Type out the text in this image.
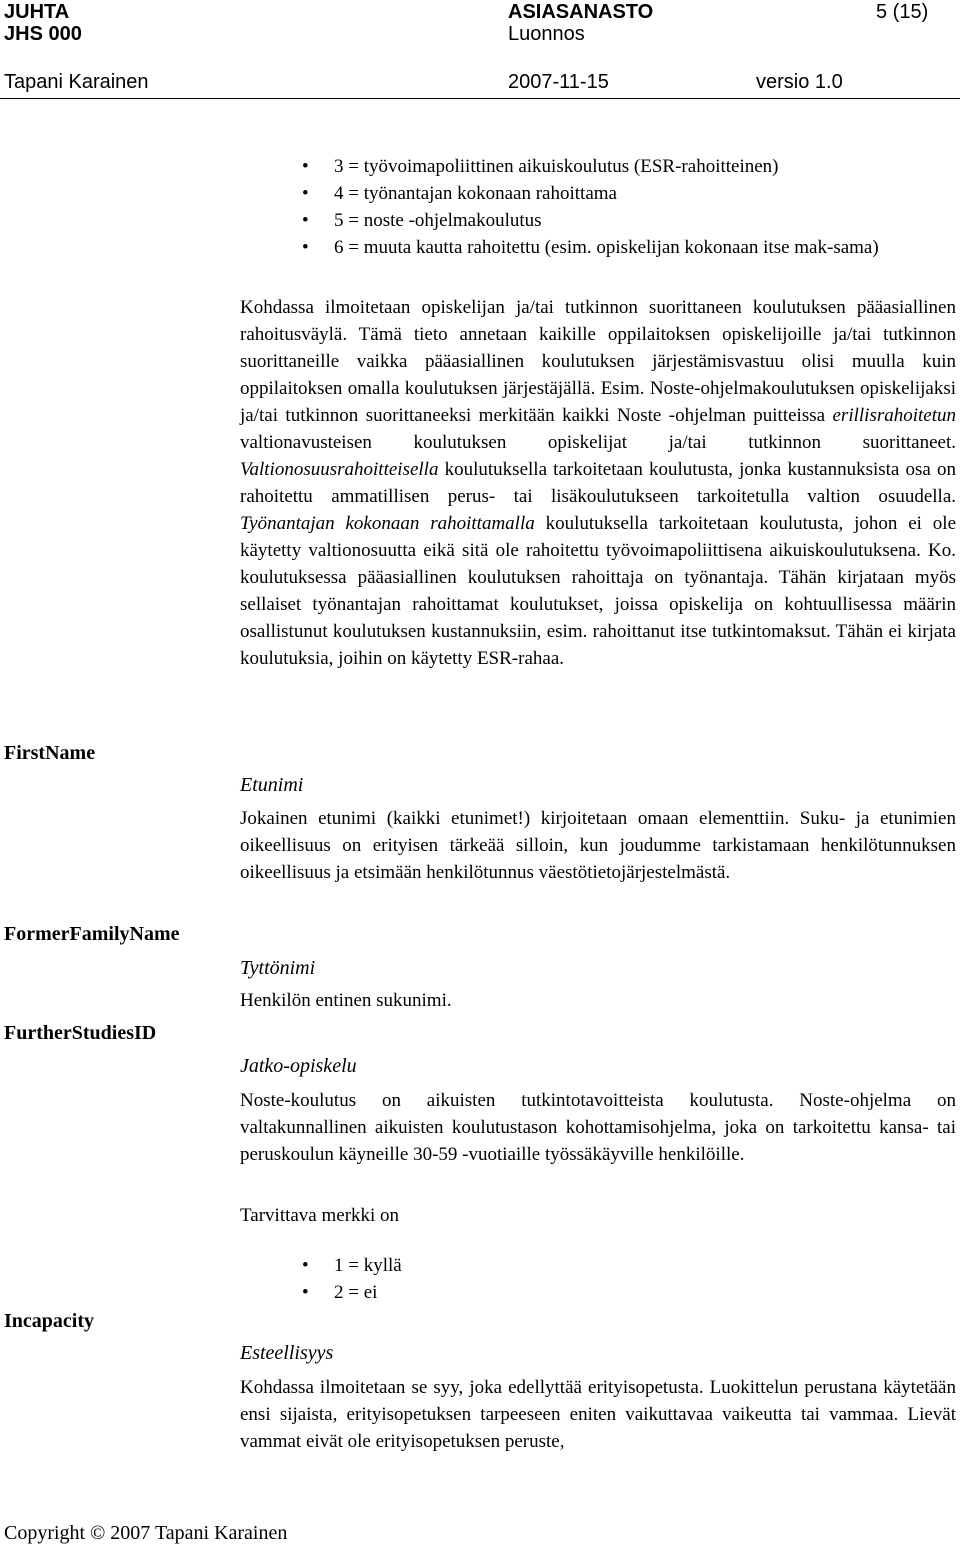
JUHTA
JHS 000
ASIASANASTO
Luonnos
5 (15)
Tapani Karainen	2007-11-15	versio 1.0
• 3 = työvoimapoliittinen aikuiskoulutus (ESR-rahoitteinen)
• 4 = työnantajan kokonaan rahoittama
• 5 = noste -ohjelmakoulutus
• 6 = muuta kautta rahoitettu (esim. opiskelijan kokonaan itse mak-sama)

Kohdassa ilmoitetaan opiskelijan ja/tai tutkinnon suorittaneen koulutuksen pääasiallinen rahoitusväylä. Tämä tieto annetaan kaikille oppilaitoksen opiskelijoille ja/tai tutkinnon suorittaneille vaikka pääasiallinen koulutuksen järjestämisvastuu olisi muulla kuin oppilaitoksen omalla koulutuksen järjestäjällä. Esim. Noste-ohjelmakoulutuksen opiskelijaksi ja/tai tutkinnon suorittaneeksi merkitään kaikki Noste -ohjelman puitteissa erillisrahoitetun valtionavusteisen koulutuksen opiskelijat ja/tai tutkinnon suorittaneet. Valtionosuusrahoitteisella koulutuksella tarkoitetaan koulutusta, jonka kustannuksista osa on rahoitettu ammatillisen perus- tai lisäkoulutukseen tarkoitetulla valtion osuudella. Työnantajan kokonaan rahoittamalla koulutuksella tarkoitetaan koulutusta, johon ei ole käytetty valtionosuutta eikä sitä ole rahoitettu työvoimapoliittisena aikuiskoulutuksena. Ko. koulutuksessa pääasiallinen koulutuksen rahoittaja on työnantaja. Tähän kirjataan myös sellaiset työnantajan rahoittamat koulutukset, joissa opiskelija on kohtuullisessa määrin osallistunut koulutuksen kustannuksiin, esim. rahoittanut itse tutkintomaksut. Tähän ei kirjata koulutuksia, joihin on käytetty ESR-rahaa.

FirstName
FormerFamilyName
FurtherStudiesID
Incapacity
Etunimi

Jokainen etunimi (kaikki etunimet!) kirjoitetaan omaan elementtiin. Suku- ja etunimien oikeellisuus on erityisen tärkeää silloin, kun joudumme tarkistamaan henkilötunnuksen oikeellisuus ja etsimään henkilötunnus väestötietojärjestelmästä.

Tyttönimi

Henkilön entinen sukunimi.

Jatko-opiskelu

Noste-koulutus on aikuisten tutkintotavoitteista koulutusta. Noste-ohjelma on valtakunnallinen aikuisten koulutustason kohottamisohjelma, joka on tarkoitettu kansa- tai peruskoulun käyneille 30-59 -vuotiaille työssäkäyville henkilöille.

Tarvittava merkki on

• 1 = kyllä
• 2 = ei
Esteellisyys

Kohdassa ilmoitetaan se syy, joka edellyttää erityisopetusta. Luokittelun perustana käytetään ensi sijaista, erityisopetuksen tarpeeseen eniten vaikuttavaa vaikeutta tai vammaa. Lievät vammat eivät ole erityisopetuksen peruste,

Copyright © 2007 Tapani Karainen
